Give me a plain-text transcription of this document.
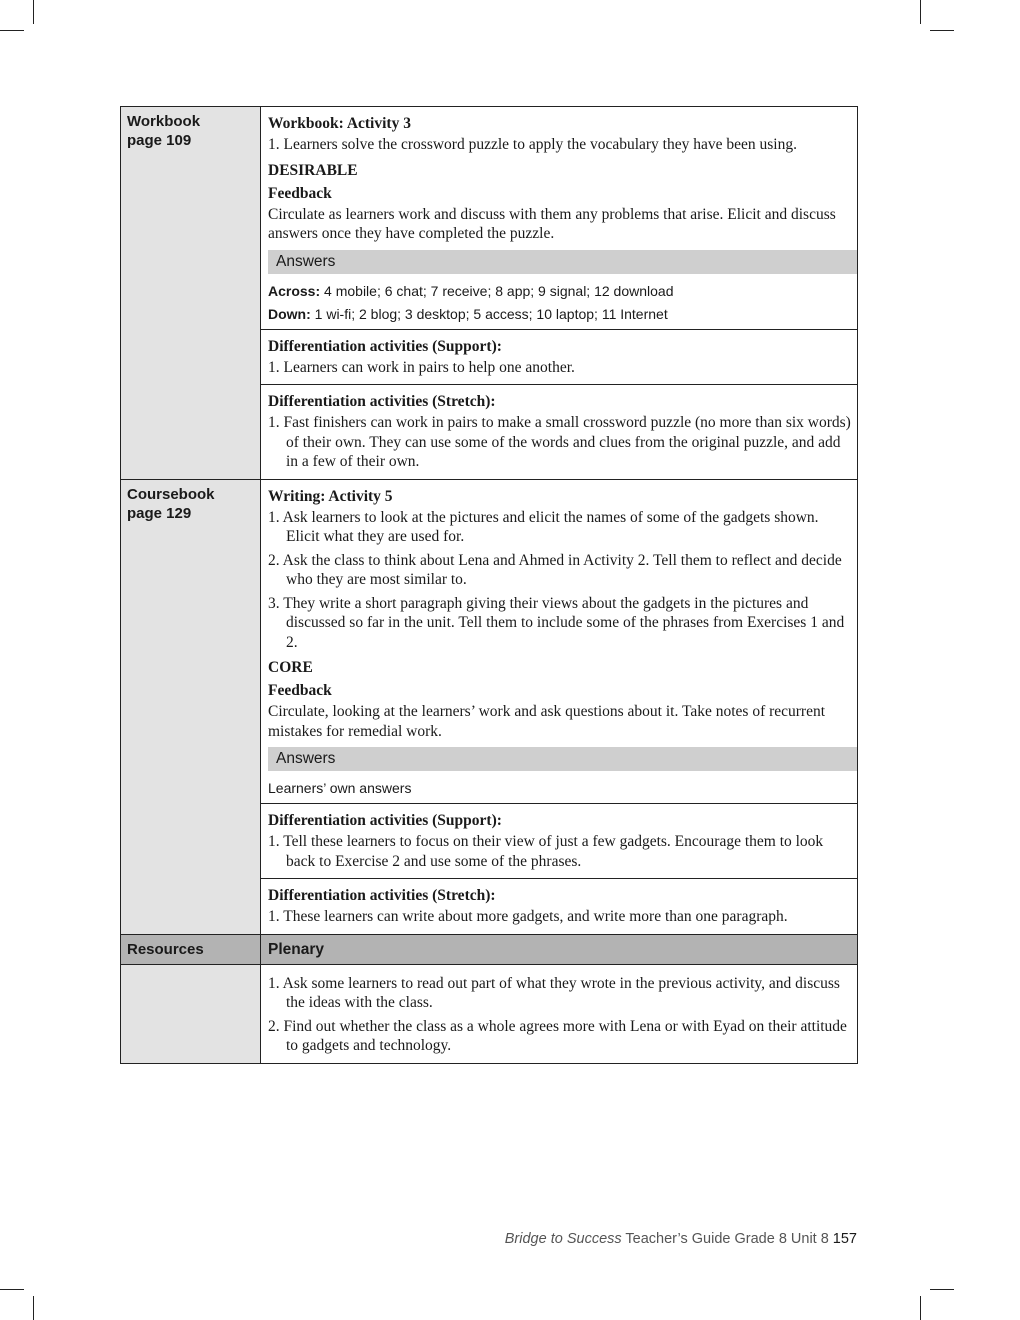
Workbook
page 109
Workbook: Activity 3
1. Learners solve the crossword puzzle to apply the vocabulary they have been using.
DESIRABLE
Feedback
Circulate as learners work and discuss with them any problems that arise. Elicit and discuss answers once they have completed the puzzle.
Answers
Across: 4 mobile; 6 chat; 7 receive; 8 app; 9 signal; 12 download
Down: 1 wi-fi; 2 blog; 3 desktop; 5 access; 10 laptop; 11 Internet
Differentiation activities (Support):
1. Learners can work in pairs to help one another.
Differentiation activities (Stretch):
1. Fast finishers can work in pairs to make a small crossword puzzle (no more than six words) of their own. They can use some of the words and clues from the original puzzle, and add in a few of their own.
Coursebook
page 129
Writing: Activity 5
1. Ask learners to look at the pictures and elicit the names of some of the gadgets shown. Elicit what they are used for.
2. Ask the class to think about Lena and Ahmed in Activity 2. Tell them to reflect and decide who they are most similar to.
3. They write a short paragraph giving their views about the gadgets in the pictures and discussed so far in the unit. Tell them to include some of the phrases from Exercises 1 and 2.
CORE
Feedback
Circulate, looking at the learners’ work and ask questions about it. Take notes of recurrent mistakes for remedial work.
Answers
Learners’ own answers
Differentiation activities (Support):
1. Tell these learners to focus on their view of just a few gadgets. Encourage them to look back to Exercise 2 and use some of the phrases.
Differentiation activities (Stretch):
1. These learners can write about more gadgets, and write more than one paragraph.
Resources	Plenary
1. Ask some learners to read out part of what they wrote in the previous activity, and discuss the ideas with the class.
2. Find out whether the class as a whole agrees more with Lena or with Eyad on their attitude to gadgets and technology.
Bridge to Success Teacher’s Guide Grade 8 Unit 8 157
